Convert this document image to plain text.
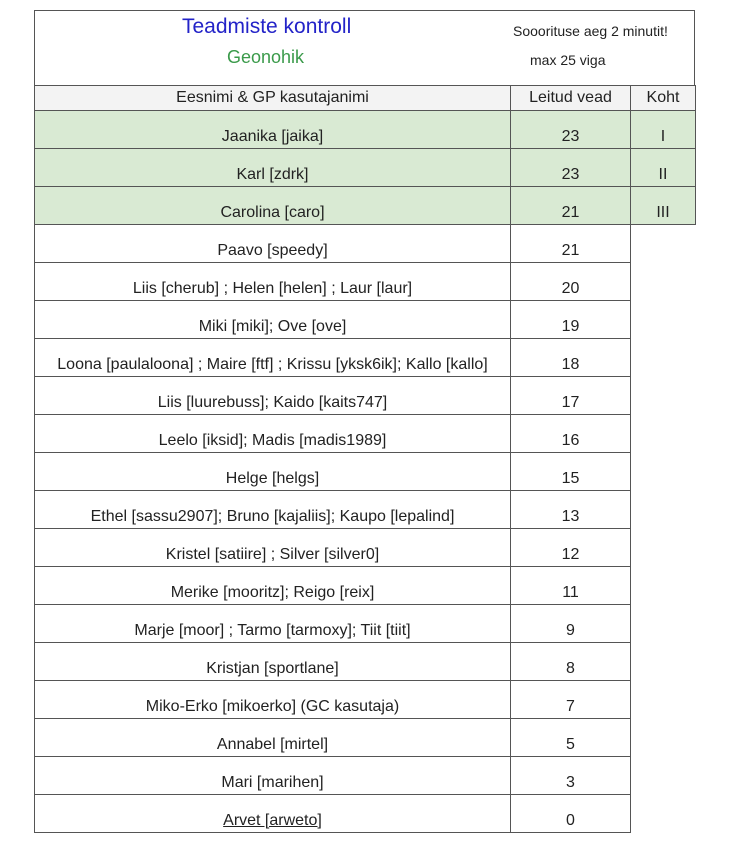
Teadmiste kontroll
Geonohik
Sooorituse aeg 2 minutit!
max 25 viga
Eesnimi & GP kasutajanimi	Leitud vead	Koht
Jaanika [jaika]	23	I
Karl [zdrk]	23	II
Carolina [caro]	21	III
Paavo [speedy]	21	
Liis [cherub] ; Helen [helen] ; Laur [laur]	20	
Miki [miki]; Ove [ove]	19	
Loona [paulaloona] ; Maire [ftf] ; Krissu [yksk6ik]; Kallo [kallo]	18	
Liis [luurebuss]; Kaido [kaits747]	17	
Leelo [iksid]; Madis [madis1989]	16	
Helge [helgs]	15	
Ethel [sassu2907]; Bruno [kajaliis]; Kaupo [lepalind]	13	
Kristel [satiire] ; Silver [silver0]	12	
Merike [mooritz]; Reigo [reix]	11	
Marje [moor] ; Tarmo [tarmoxy]; Tiit [tiit]	9	
Kristjan [sportlane]	8	
Miko-Erko [mikoerko] (GC kasutaja)	7	
Annabel [mirtel]	5	
Mari [marihen]	3	
Arvet [arweto]	0	
